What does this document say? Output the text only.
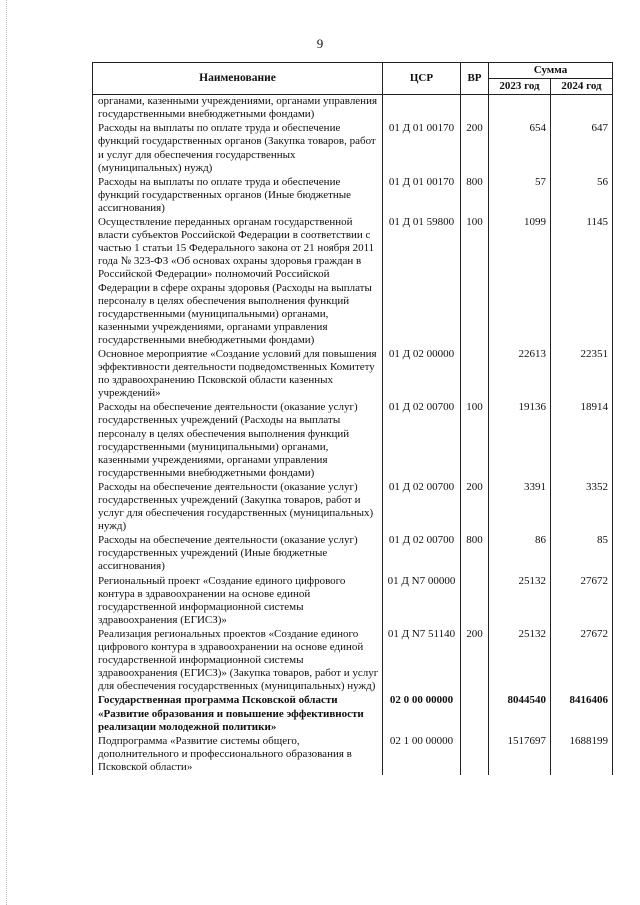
9
Наименование	ЦСР	ВР	Сумма	
			2023 год	2024 год
органами, казенными учреждениями, органами управления государственными внебюджетными фондами)				
Расходы на выплаты по оплате труда и обеспечение функций государственных органов (Закупка товаров, работ и услуг для обеспечения государственных (муниципальных) нужд)	01 Д 01 00170	200	654	647
Расходы на выплаты по оплате труда и обеспечение функций государственных органов (Иные бюджетные ассигнования)	01 Д 01 00170	800	57	56
Осуществление переданных органам государственной власти субъектов Российской Федерации в соответствии с частью 1 статьи 15 Федерального закона от 21 ноября 2011 года № 323-ФЗ «Об основах охраны здоровья граждан в Российской Федерации» полномочий Российской Федерации в сфере охраны здоровья (Расходы на выплаты персоналу в целях обеспечения выполнения функций государственными (муниципальными) органами, казенными учреждениями, органами управления государственными внебюджетными фондами)	01 Д 01 59800	100	1099	1145
Основное мероприятие «Создание условий для повышения эффективности деятельности подведомственных Комитету по здравоохранению Псковской области казенных учреждений»	01 Д 02 00000		22613	22351
Расходы на обеспечение деятельности (оказание услуг) государственных учреждений (Расходы на выплаты персоналу в целях обеспечения выполнения функций государственными (муниципальными) органами, казенными учреждениями, органами управления государственными внебюджетными фондами)	01 Д 02 00700	100	19136	18914
Расходы на обеспечение деятельности (оказание услуг) государственных учреждений (Закупка товаров, работ и услуг для обеспечения государственных (муниципальных) нужд)	01 Д 02 00700	200	3391	3352
Расходы на обеспечение деятельности (оказание услуг) государственных учреждений (Иные бюджетные ассигнования)	01 Д 02 00700	800	86	85
Региональный проект «Создание единого цифрового контура в здравоохранении на основе единой государственной информационной системы здравоохранения (ЕГИСЗ)»	01 Д N7 00000		25132	27672
Реализация региональных проектов «Создание единого цифрового контура в здравоохранении на основе единой государственной информационной системы здравоохранения (ЕГИСЗ)» (Закупка товаров, работ и услуг для обеспечения государственных (муниципальных) нужд)	01 Д N7 51140	200	25132	27672
Государственная программа Псковской области «Развитие образования и повышение эффективности реализации молодежной политики»	02 0 00 00000		8044540	8416406
Подпрограмма «Развитие системы общего, дополнительного и профессионального образования в Псковской области»	02 1 00 00000		1517697	1688199
